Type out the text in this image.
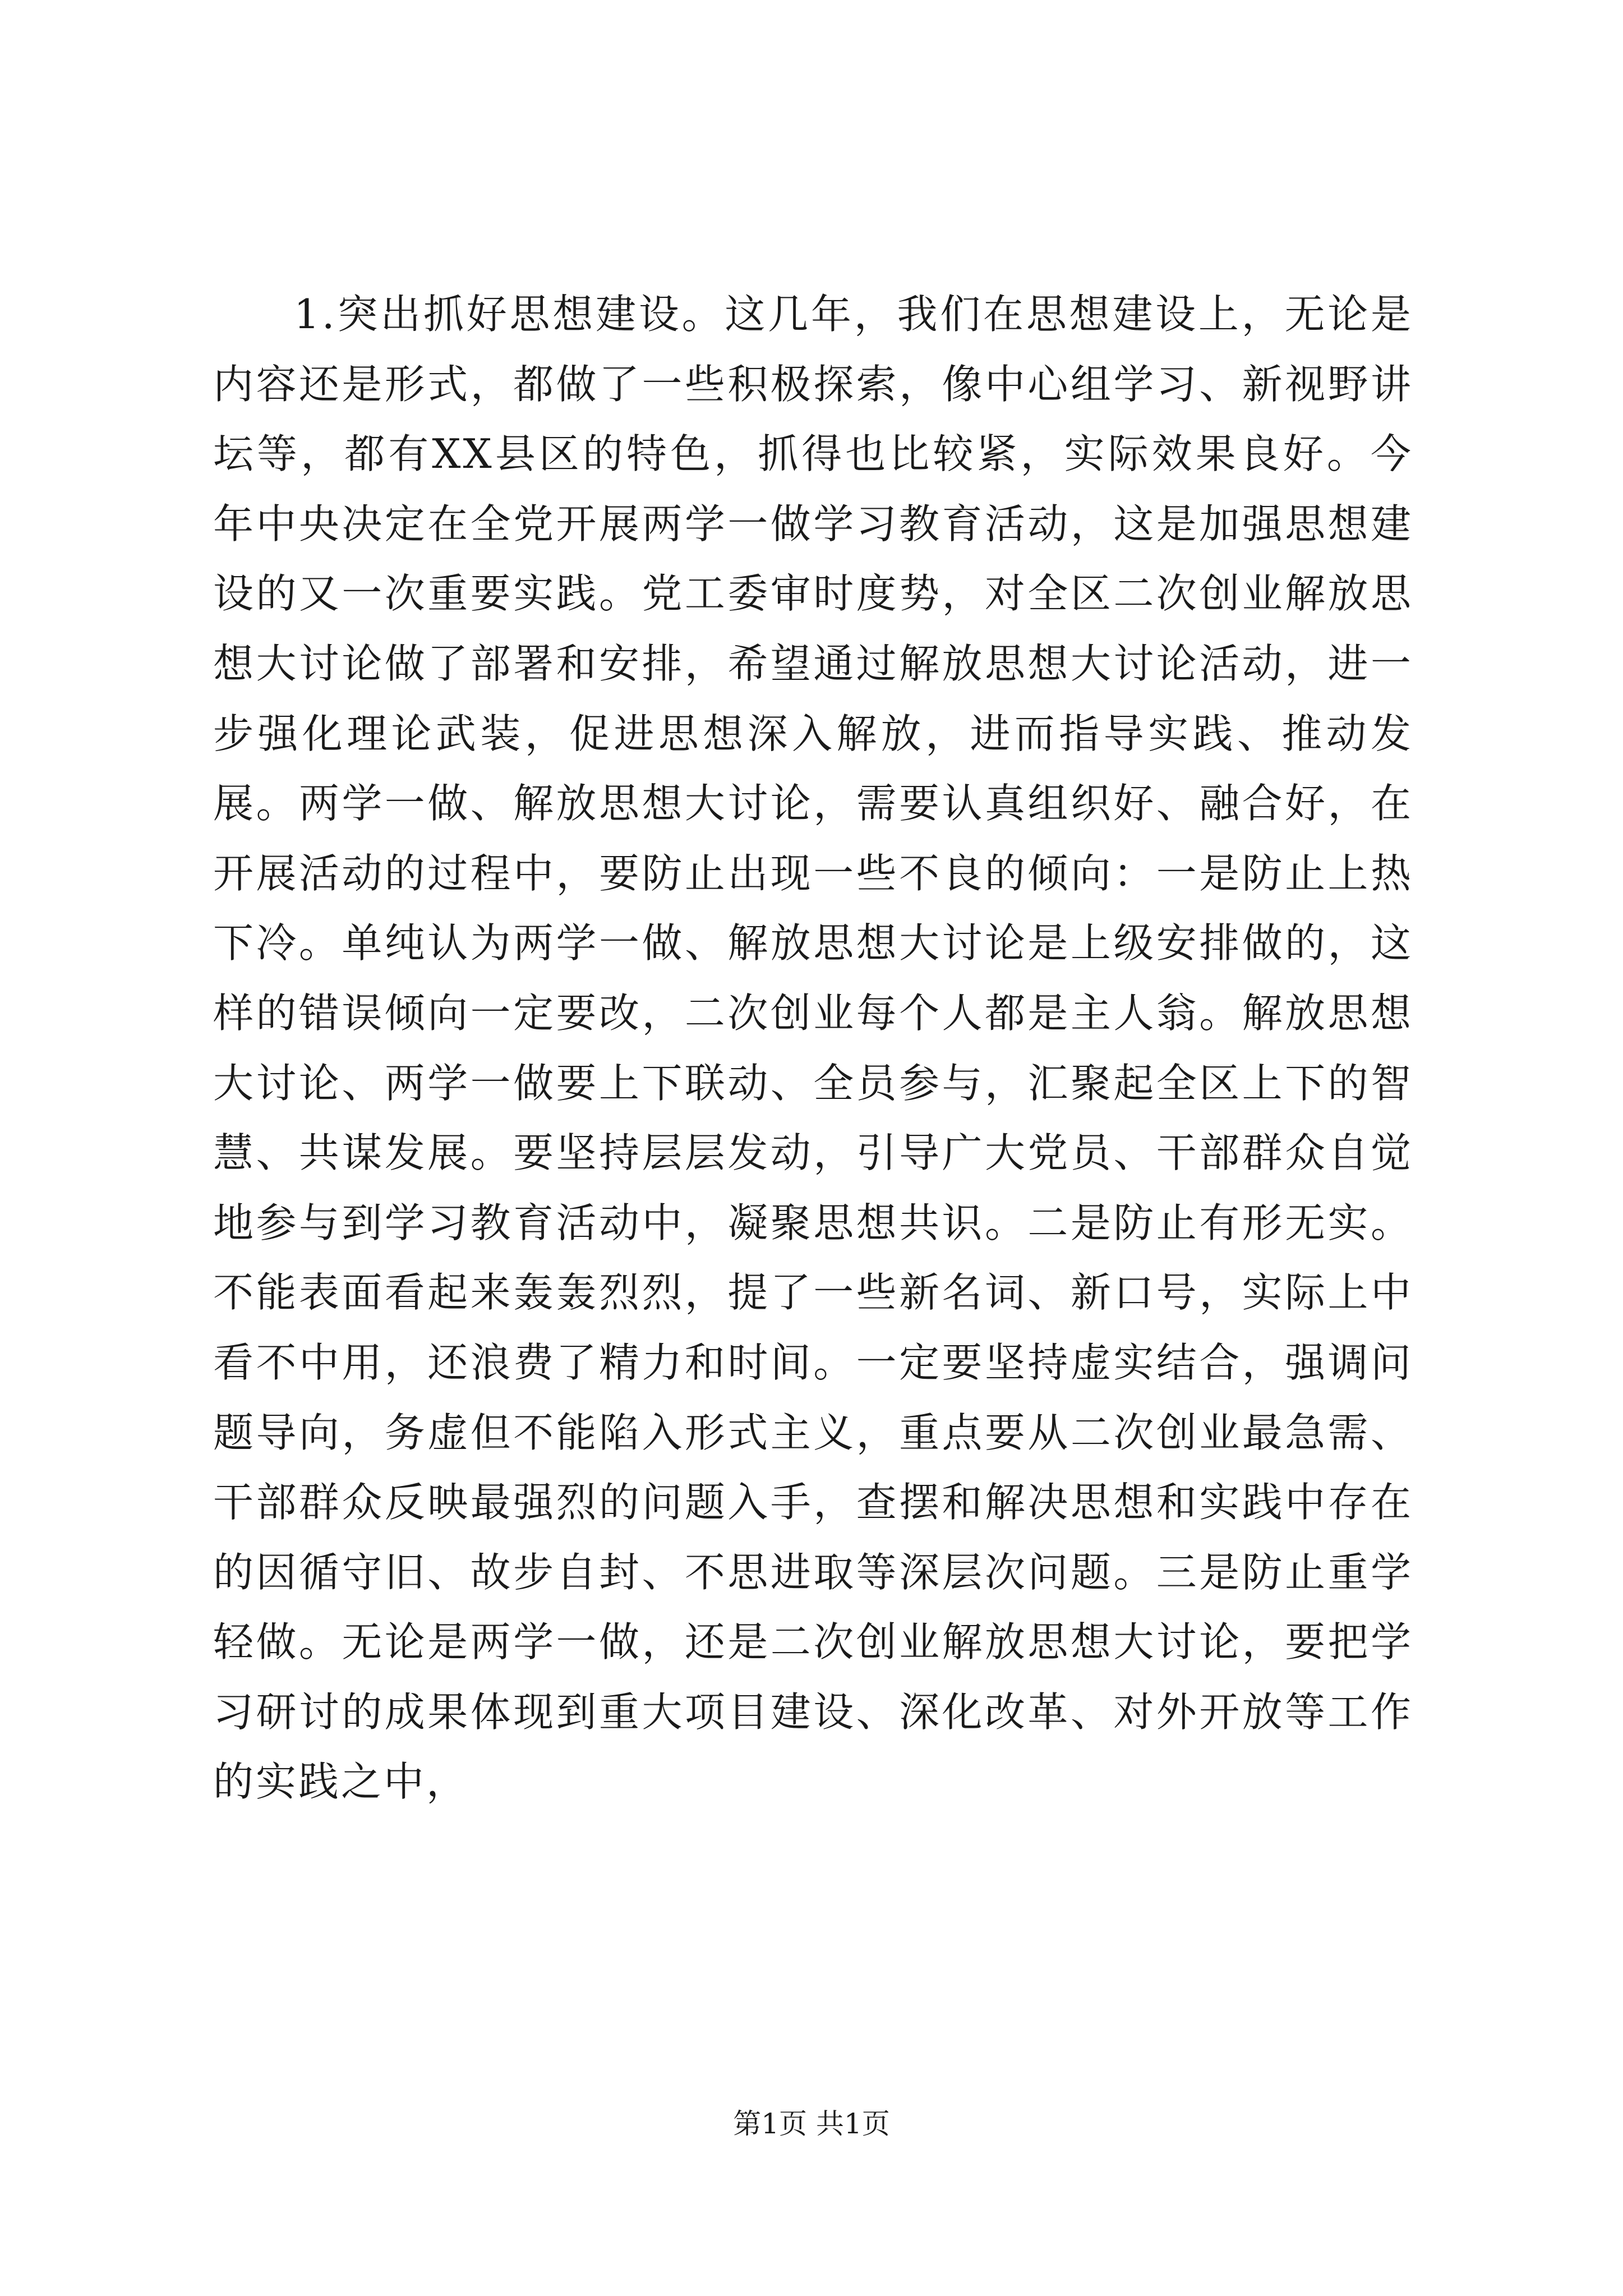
1.突出抓好思想建设。这几年，我们在思想建设上，无论是内容还是形式，都做了一些积极探索，像中心组学习、新视野讲坛等，都有XX县区的特色，抓得也比较紧，实际效果良好。今年中央决定在全党开展两学一做学习教育活动，这是加强思想建设的又一次重要实践。党工委审时度势，对全区二次创业解放思想大讨论做了部署和安排，希望通过解放思想大讨论活动，进一步强化理论武装，促进思想深入解放，进而指导实践、推动发展。两学一做、解放思想大讨论，需要认真组织好、融合好，在开展活动的过程中，要防止出现一些不良的倾向：一是防止上热下冷。单纯认为两学一做、解放思想大讨论是上级安排做的，这样的错误倾向一定要改，二次创业每个人都是主人翁。解放思想大讨论、两学一做要上下联动、全员参与，汇聚起全区上下的智慧、共谋发展。要坚持层层发动，引导广大党员、干部群众自觉地参与到学习教育活动中，凝聚思想共识。二是防止有形无实。不能表面看起来轰轰烈烈，提了一些新名词、新口号，实际上中看不中用，还浪费了精力和时间。一定要坚持虚实结合，强调问题导向，务虚但不能陷入形式主义，重点要从二次创业最急需、干部群众反映最强烈的问题入手，查摆和解决思想和实践中存在的因循守旧、故步自封、不思进取等深层次问题。三是防止重学轻做。无论是两学一做，还是二次创业解放思想大讨论，要把学习研讨的成果体现到重大项目建设、深化改革、对外开放等工作的实践之中，

第1页 共1页
